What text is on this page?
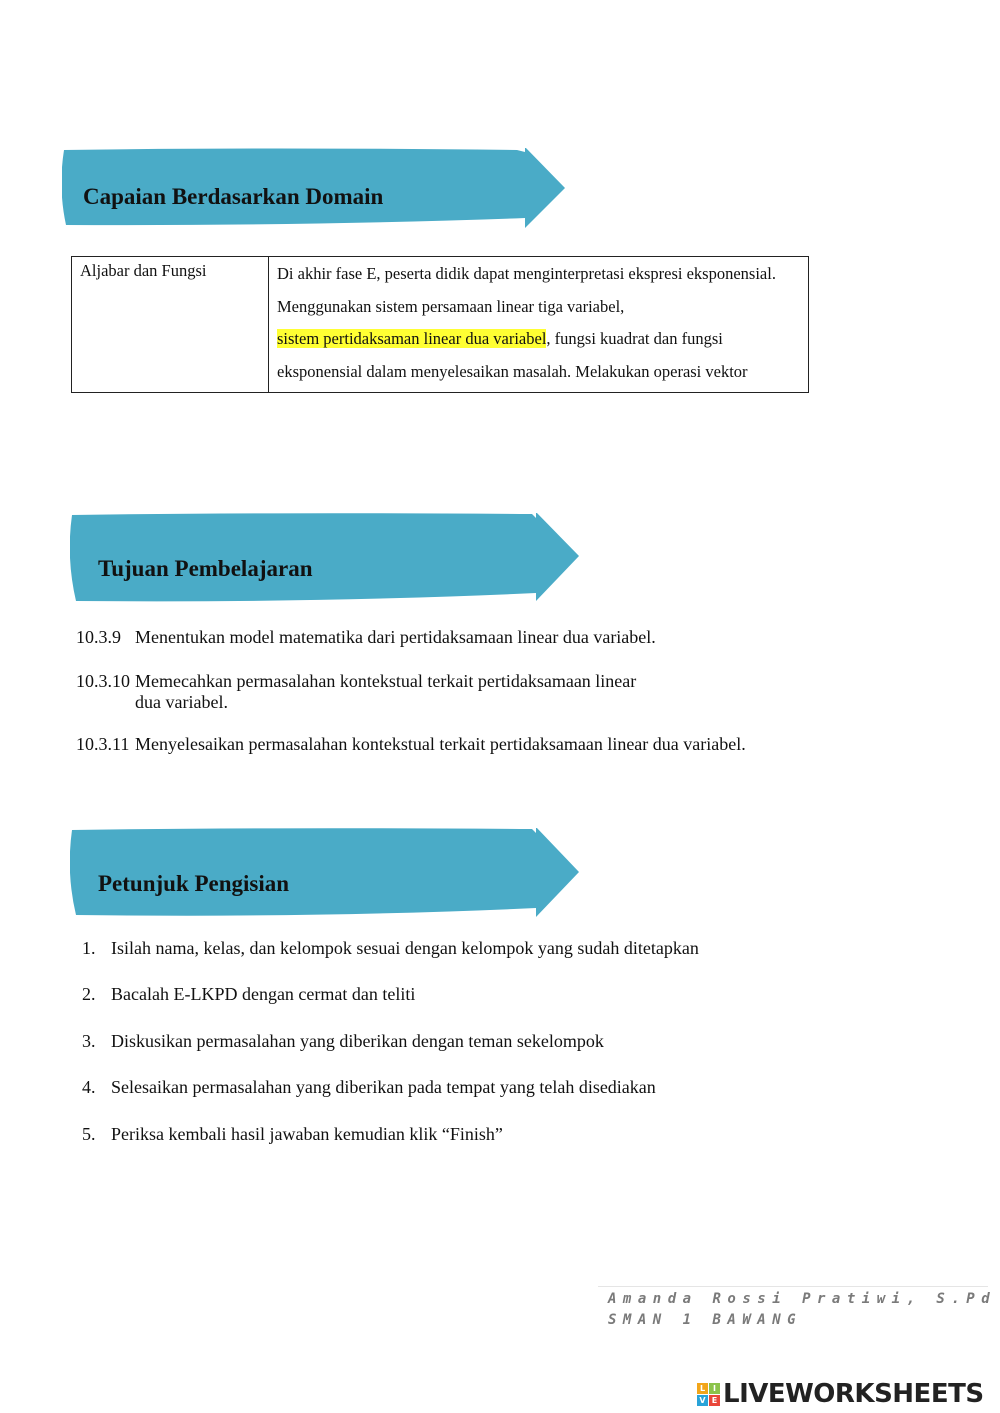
Capaian Berdasarkan Domain
Aljabar dan Fungsi	Di akhir fase E, peserta didik dapat menginterpretasi ekspresi eksponensial. Menggunakan sistem persamaan linear tiga variabel,
sistem pertidaksaman linear dua variabel, fungsi kuadrat dan fungsi eksponensial dalam menyelesaikan masalah. Melakukan operasi vektor
Tujuan Pembelajaran
10.3.9 Menentukan model matematika dari pertidaksamaan linear dua variabel.
10.3.10 Memecahkan permasalahan kontekstual terkait pertidaksamaan linear
dua variabel.
10.3.11 Menyelesaikan permasalahan kontekstual terkait pertidaksamaan linear dua variabel.
Petunjuk Pengisian
1. Isilah nama, kelas, dan kelompok sesuai dengan kelompok yang sudah ditetapkan
2. Bacalah E-LKPD dengan cermat dan teliti
3. Diskusikan permasalahan yang diberikan dengan teman sekelompok
4. Selesaikan permasalahan yang diberikan pada tempat yang telah disediakan
5. Periksa kembali hasil jawaban kemudian klik “Finish”
Amanda Rossi Pratiwi, S.Pd
SMAN 1 BAWANG
L I
V E LIVEWORKSHEETS
